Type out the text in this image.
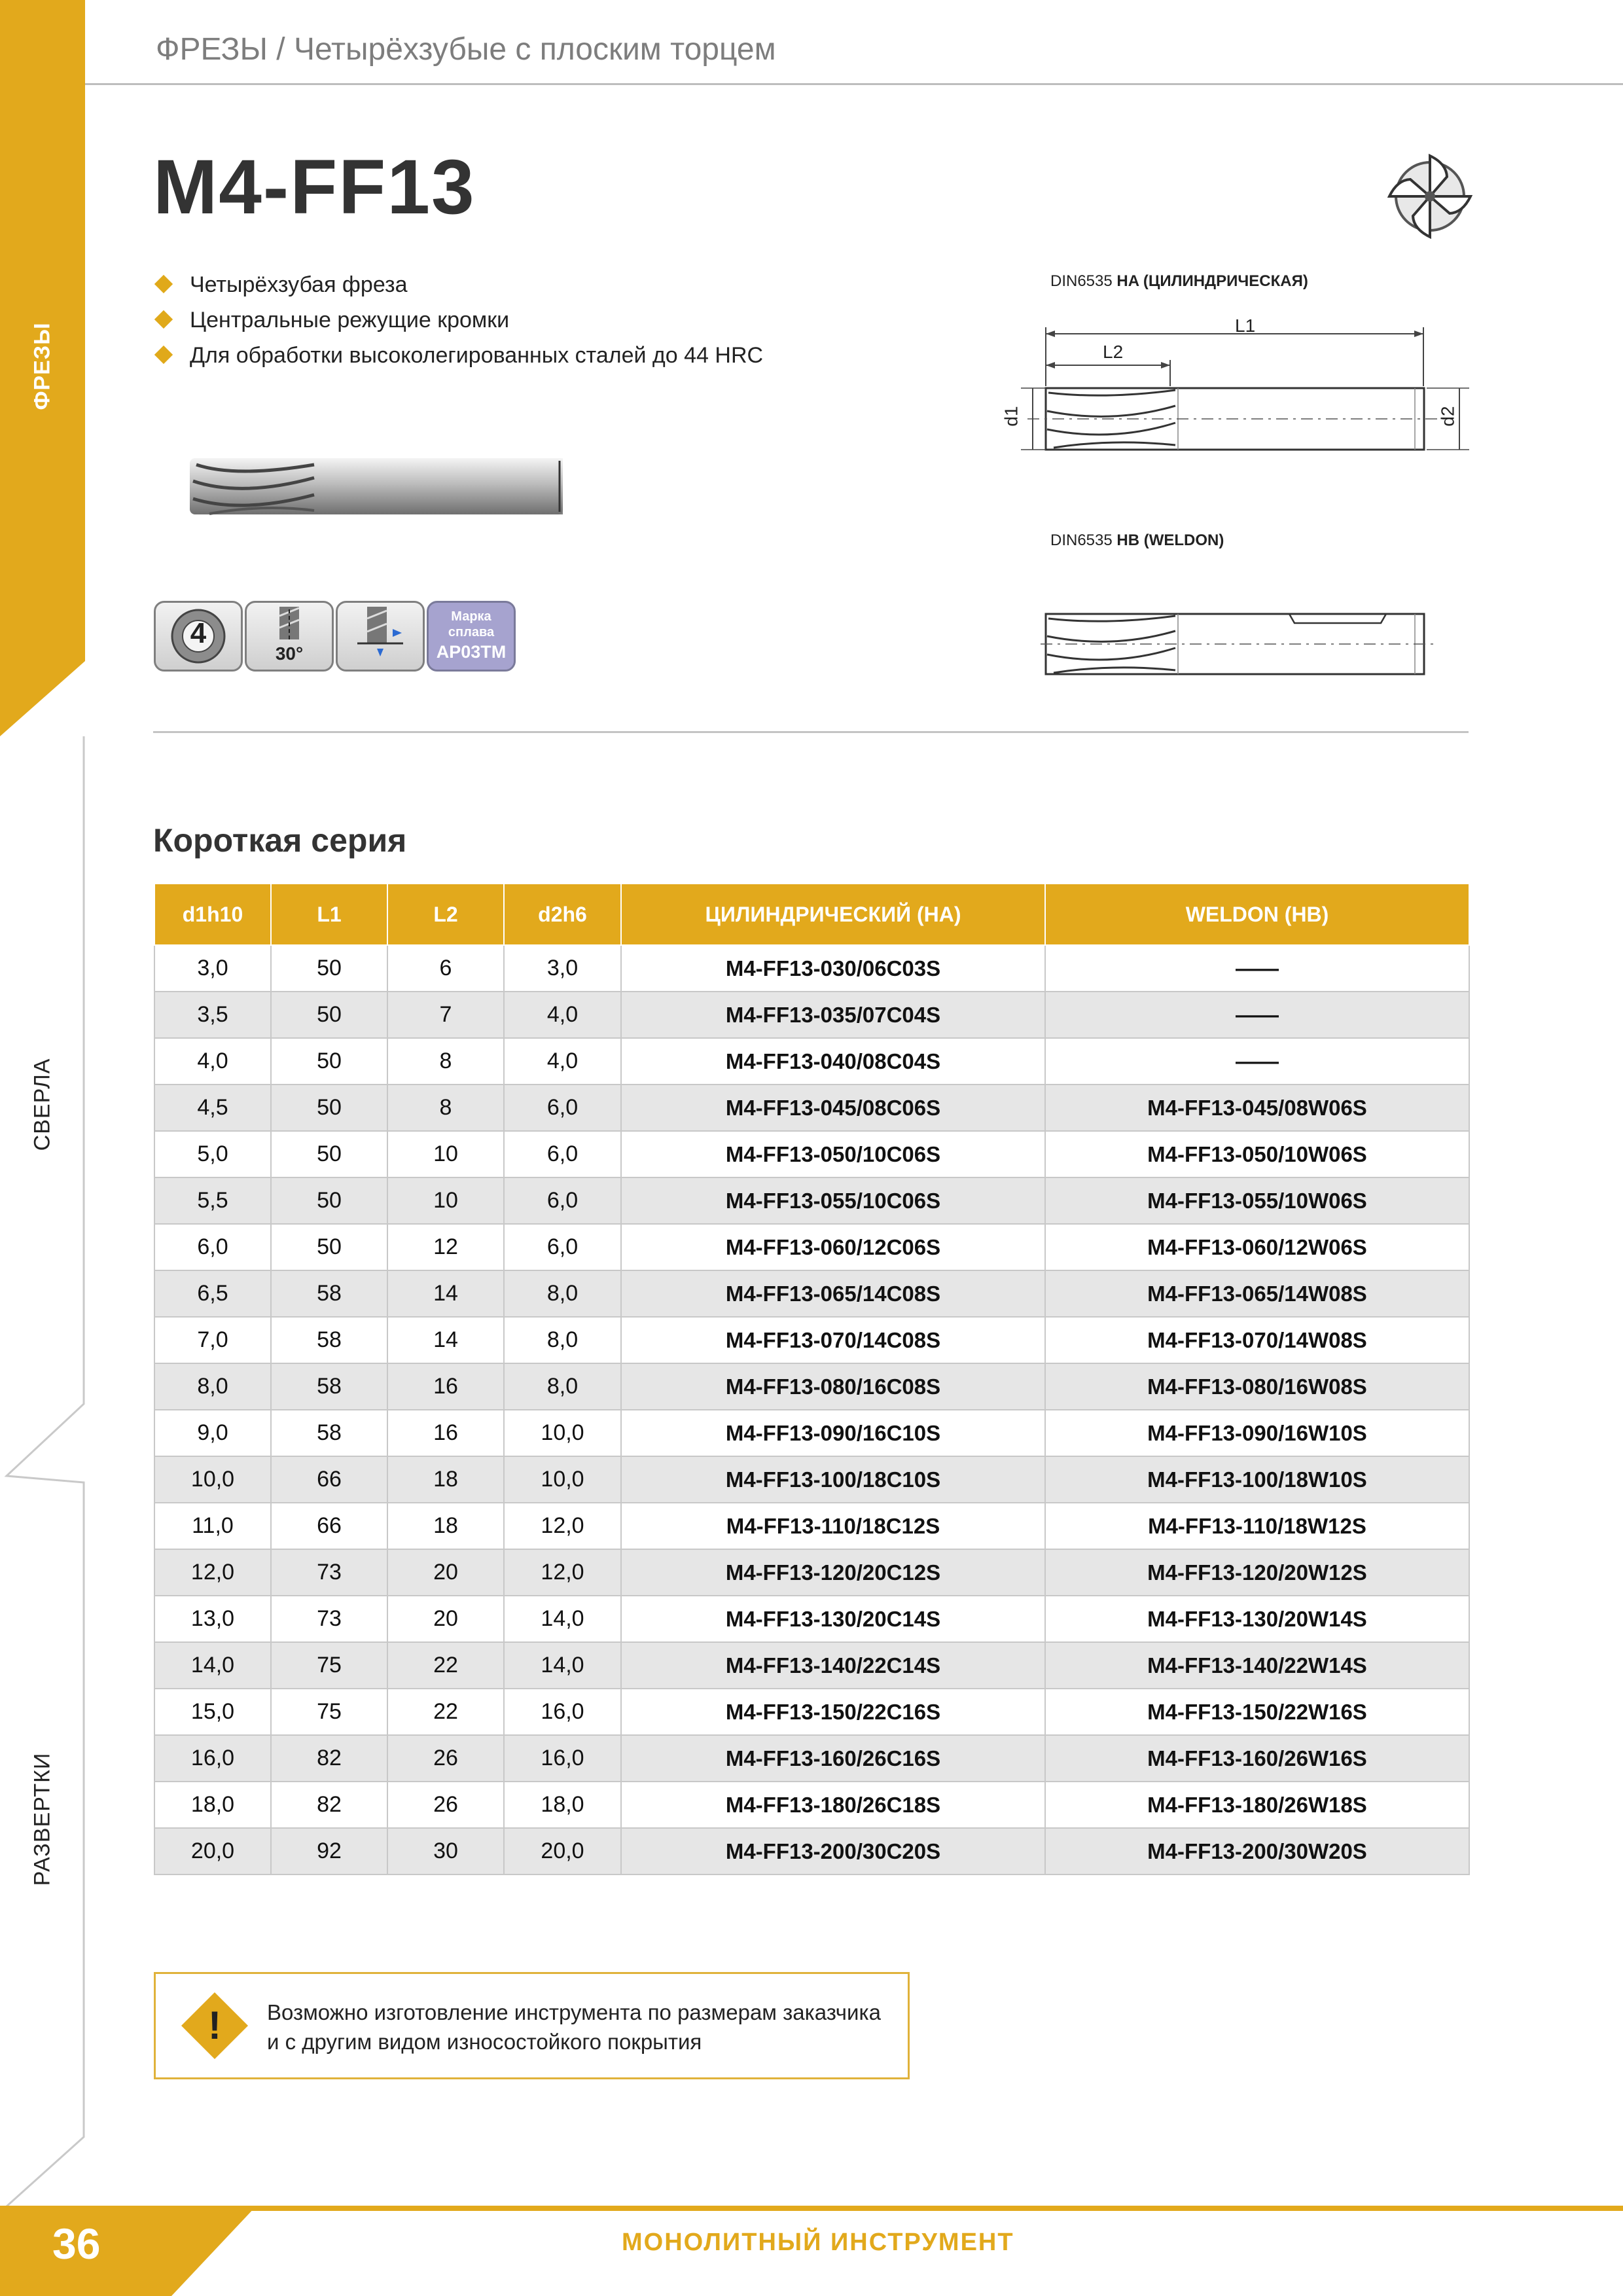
ФРЕЗЫ
СВЕРЛА
РАЗВЕРТКИ
ФРЕЗЫ / Четырёхзубые с плоским торцем
M4-FF13
Четырёхзубая фреза
Центральные режущие кромки
Для обработки высоколегированных сталей до 44 HRC
4
30°
Марка
сплава
AP03TM
DIN6535 HA (ЦИЛИНДРИЧЕСКАЯ)
L1
L2
d1	d2
DIN6535 HB (WELDON)
Короткая серия
d1h10	L1	L2	d2h6	ЦИЛИНДРИЧЕСКИЙ (HA)	WELDON (HB)
3,0	50	6	3,0	M4-FF13-030/06C03S	——
3,5	50	7	4,0	M4-FF13-035/07C04S	——
4,0	50	8	4,0	M4-FF13-040/08C04S	——
4,5	50	8	6,0	M4-FF13-045/08C06S	M4-FF13-045/08W06S
5,0	50	10	6,0	M4-FF13-050/10C06S	M4-FF13-050/10W06S
5,5	50	10	6,0	M4-FF13-055/10C06S	M4-FF13-055/10W06S
6,0	50	12	6,0	M4-FF13-060/12C06S	M4-FF13-060/12W06S
6,5	58	14	8,0	M4-FF13-065/14C08S	M4-FF13-065/14W08S
7,0	58	14	8,0	M4-FF13-070/14C08S	M4-FF13-070/14W08S
8,0	58	16	8,0	M4-FF13-080/16C08S	M4-FF13-080/16W08S
9,0	58	16	10,0	M4-FF13-090/16C10S	M4-FF13-090/16W10S
10,0	66	18	10,0	M4-FF13-100/18C10S	M4-FF13-100/18W10S
11,0	66	18	12,0	M4-FF13-110/18C12S	M4-FF13-110/18W12S
12,0	73	20	12,0	M4-FF13-120/20C12S	M4-FF13-120/20W12S
13,0	73	20	14,0	M4-FF13-130/20C14S	M4-FF13-130/20W14S
14,0	75	22	14,0	M4-FF13-140/22C14S	M4-FF13-140/22W14S
15,0	75	22	16,0	M4-FF13-150/22C16S	M4-FF13-150/22W16S
16,0	82	26	16,0	M4-FF13-160/26C16S	M4-FF13-160/26W16S
18,0	82	26	18,0	M4-FF13-180/26C18S	M4-FF13-180/26W18S
20,0	92	30	20,0	M4-FF13-200/30C20S	M4-FF13-200/30W20S
!	Возможно изготовление инструмента по размерам заказчика
и с другим видом износостойкого покрытия
36	МОНОЛИТНЫЙ ИНСТРУМЕНТ
